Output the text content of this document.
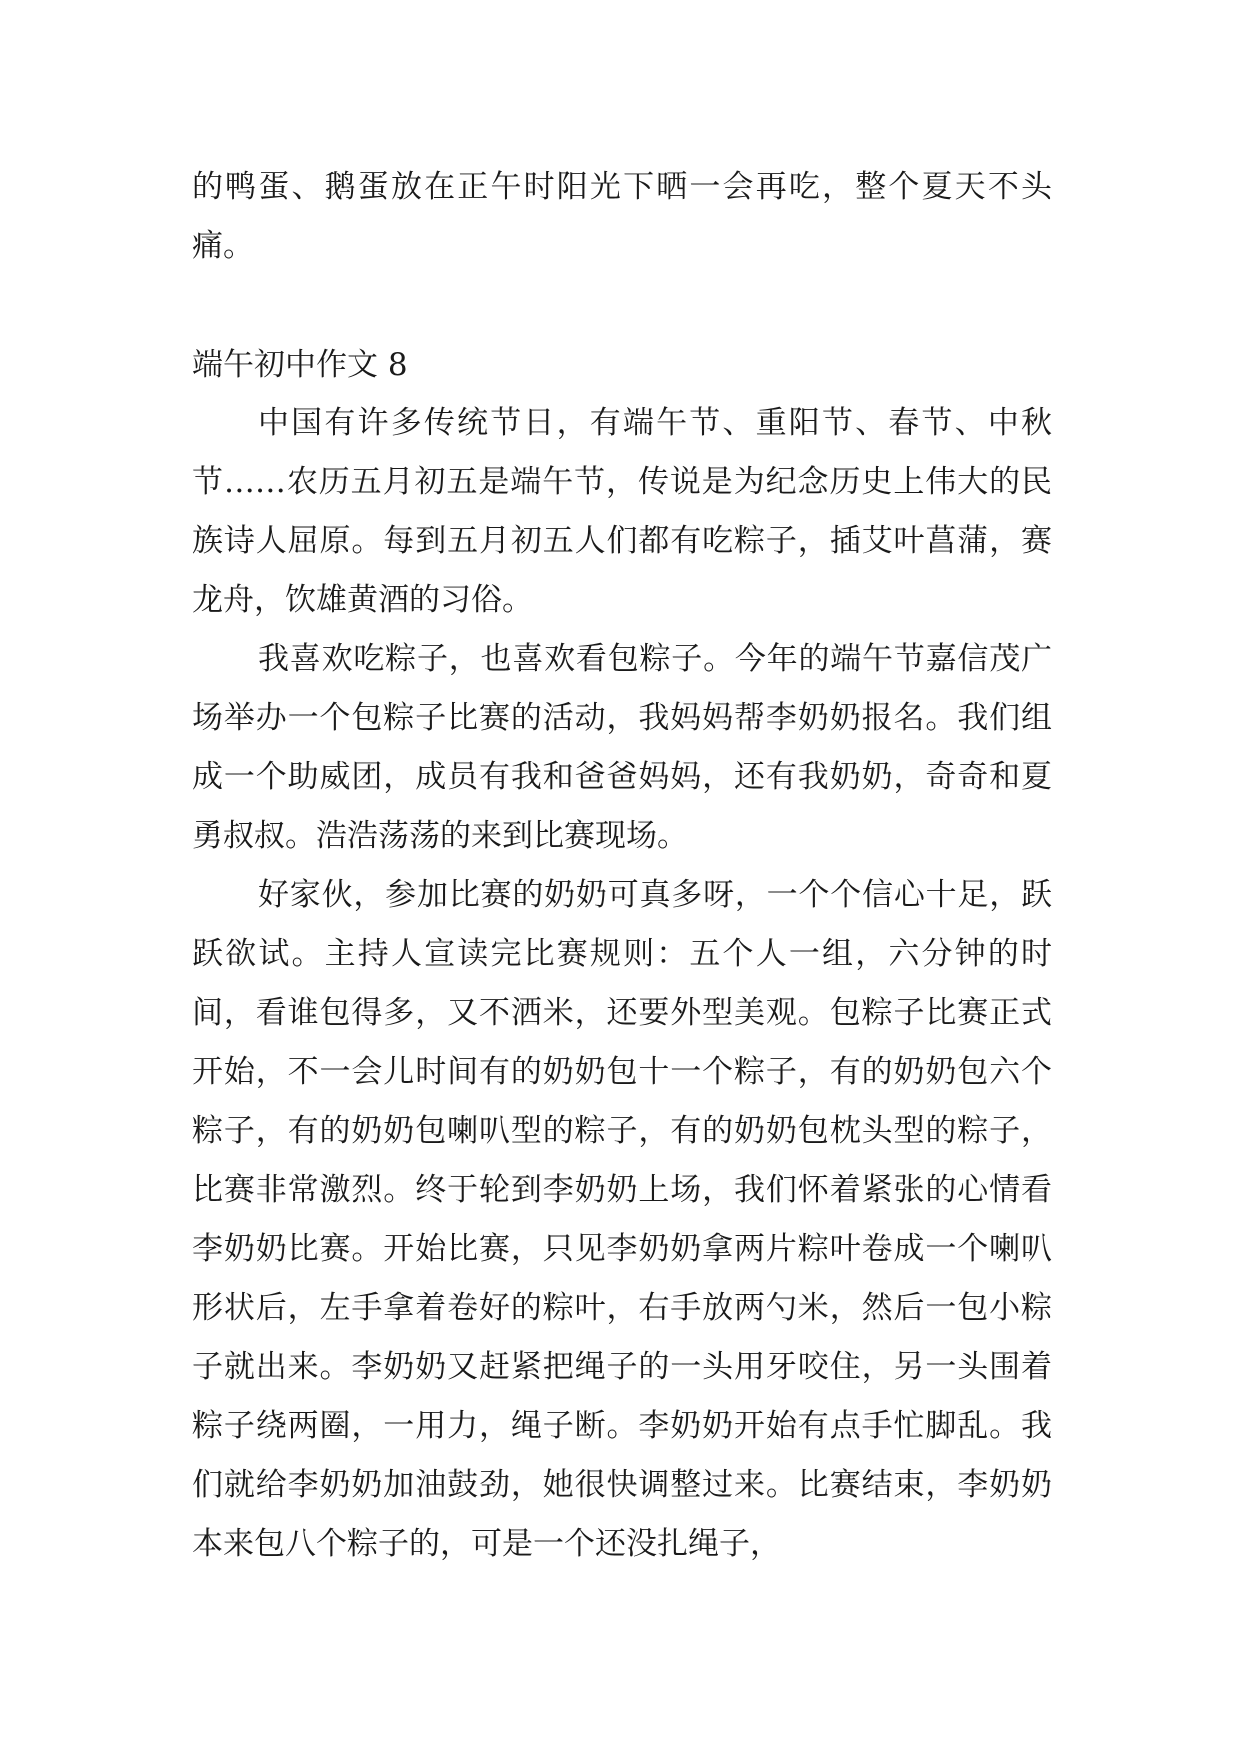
的鸭蛋、鹅蛋放在正午时阳光下晒一会再吃，整个夏天不头痛。

端午初中作文 8

中国有许多传统节日，有端午节、重阳节、春节、中秋节……农历五月初五是端午节，传说是为纪念历史上伟大的民族诗人屈原。每到五月初五人们都有吃粽子，插艾叶菖蒲，赛龙舟，饮雄黄酒的习俗。

我喜欢吃粽子，也喜欢看包粽子。今年的端午节嘉信茂广场举办一个包粽子比赛的活动，我妈妈帮李奶奶报名。我们组成一个助威团，成员有我和爸爸妈妈，还有我奶奶，奇奇和夏勇叔叔。浩浩荡荡的来到比赛现场。

好家伙，参加比赛的奶奶可真多呀，一个个信心十足，跃跃欲试。主持人宣读完比赛规则：五个人一组，六分钟的时间，看谁包得多，又不洒米，还要外型美观。包粽子比赛正式开始，不一会儿时间有的奶奶包十一个粽子，有的奶奶包六个粽子，有的奶奶包喇叭型的粽子，有的奶奶包枕头型的粽子，比赛非常激烈。终于轮到李奶奶上场，我们怀着紧张的心情看李奶奶比赛。开始比赛，只见李奶奶拿两片粽叶卷成一个喇叭形状后，左手拿着卷好的粽叶，右手放两勺米，然后一包小粽子就出来。李奶奶又赶紧把绳子的一头用牙咬住，另一头围着粽子绕两圈，一用力，绳子断。李奶奶开始有点手忙脚乱。我们就给李奶奶加油鼓劲，她很快调整过来。比赛结束，李奶奶本来包八个粽子的，可是一个还没扎绳子，
